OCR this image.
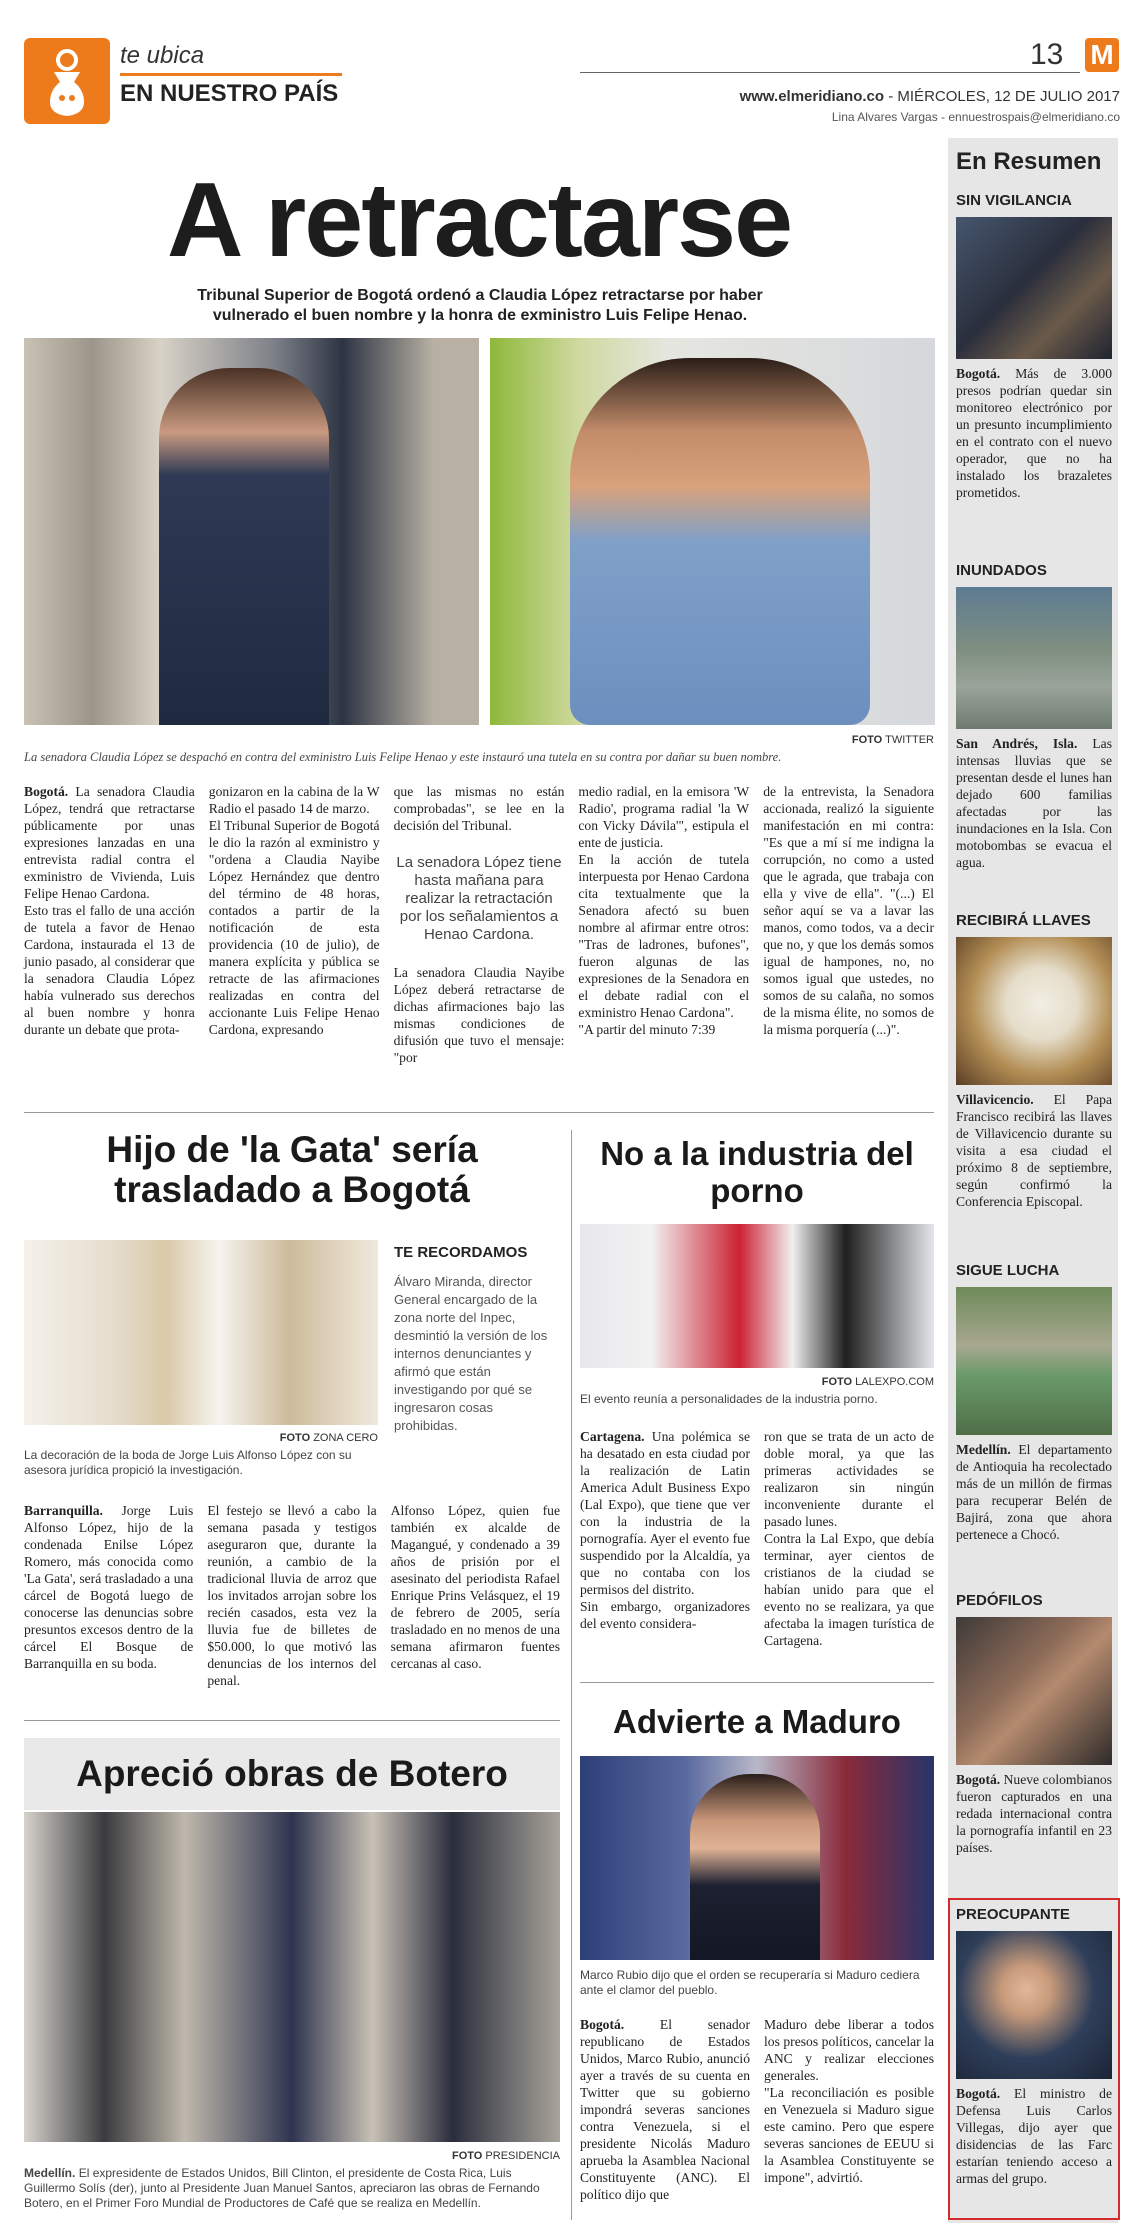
te ubica
EN NUESTRO PAÍS
13 M
www.elmeridiano.co - MIÉRCOLES, 12 DE JULIO 2017
Lina Alvares Vargas - ennuestrospais@elmeridiano.co
En Resumen
SIN VIGILANCIA
Bogotá. Más de 3.000 presos podrían quedar sin monitoreo electrónico por un presunto incumplimiento en el contrato con el nuevo operador, que no ha instalado los brazaletes prometidos.
INUNDADOS
San Andrés, Isla. Las intensas lluvias que se presentan desde el lunes han dejado 600 familias afectadas por las inundaciones en la Isla. Con motobombas se evacua el agua.
RECIBIRÁ LLAVES
Villavicencio. El Papa Francisco recibirá las llaves de Villavicencio durante su visita a esa ciudad el próximo 8 de septiembre, según confirmó la Conferencia Episcopal.
SIGUE LUCHA
Medellín. El departamento de Antioquia ha recolectado más de un millón de firmas para recuperar Belén de Bajirá, zona que ahora pertenece a Chocó.
PEDÓFILOS
Bogotá. Nueve colombianos fueron capturados en una redada internacional contra la pornografía infantil en 23 países.
PREOCUPANTE
Bogotá. El ministro de Defensa Luis Carlos Villegas, dijo ayer que disidencias de las Farc estarían teniendo acceso a armas del grupo.
A retractarse
Tribunal Superior de Bogotá ordenó a Claudia López retractarse por haber vulnerado el buen nombre y la honra de exministro Luis Felipe Henao.
FOTO TWITTER
La senadora Claudia López se despachó en contra del exministro Luis Felipe Henao y este instauró una tutela en su contra por dañar su buen nombre.

Bogotá. La senadora Claudia López, tendrá que retractarse públicamente por unas expresiones lanzadas en una entrevista radial contra el exministro de Vivienda, Luis Felipe Henao Cardona.

Esto tras el fallo de una acción de tutela a favor de Henao Cardona, instaurada el 13 de junio pasado, al considerar que la senadora Claudia López había vulnerado sus derechos al buen nombre y honra durante un debate que prota-

gonizaron en la cabina de la W Radio el pasado 14 de marzo.

El Tribunal Superior de Bogotá le dio la razón al exministro y "ordena a Claudia Nayibe López Hernández que dentro del término de 48 horas, contados a partir de la notificación de esta providencia (10 de julio), de manera explícita y pública se retracte de las afirmaciones realizadas en contra del accionante Luis Felipe Henao Cardona, expresando

que las mismas no están comprobadas", se lee en la decisión del Tribunal.

La senadora López tiene hasta mañana para realizar la retractación por los señalamientos a Henao Cardona.

La senadora Claudia Nayibe López deberá retractarse de dichas afirmaciones bajo las mismas condiciones de difusión que tuvo el mensaje: "por

medio radial, en la emisora 'W Radio', programa radial 'la W con Vicky Dávila'", estipula el ente de justicia.

En la acción de tutela interpuesta por Henao Cardona cita textualmente que la Senadora afectó su buen nombre al afirmar entre otros: "Tras de ladrones, bufones", fueron algunas de las expresiones de la Senadora en el debate radial con el exministro Henao Cardona".

"A partir del minuto 7:39

de la entrevista, la Senadora accionada, realizó la siguiente manifestación en mi contra: "Es que a mí sí me indigna la corrupción, no como a usted que le agrada, que trabaja con ella y vive de ella". "(...) El señor aquí se va a lavar las manos, como todos, va a decir que no, y que los demás somos igual de hampones, no, no somos igual que ustedes, no somos de su calaña, no somos de la misma élite, no somos de la misma porquería (...)".

Hijo de 'la Gata' sería trasladado a Bogotá
FOTO ZONA CERO
La decoración de la boda de Jorge Luis Alfonso López con su asesora jurídica propició la investigación.
TE RECORDAMOS
Álvaro Miranda, director General encargado de la zona norte del Inpec, desmintió la versión de los internos denunciantes y afirmó que están investigando por qué se ingresaron cosas prohibidas.

Barranquilla. Jorge Luis Alfonso López, hijo de la condenada Enilse López Romero, más conocida como 'La Gata', será trasladado a una cárcel de Bogotá luego de conocerse las denuncias sobre presuntos excesos dentro de la cárcel El Bosque de Barranquilla en su boda.

El festejo se llevó a cabo la semana pasada y testigos aseguraron que, durante la reunión, a cambio de la tradicional lluvia de arroz que los invitados arrojan sobre los recién casados, esta vez la lluvia fue de billetes de $50.000, lo que motivó las denuncias de los internos del penal.

Alfonso López, quien fue también ex alcalde de Magangué, y condenado a 39 años de prisión por el asesinato del periodista Rafael Enrique Prins Velásquez, el 19 de febrero de 2005, sería trasladado en no menos de una semana afirmaron fuentes cercanas al caso.

Apreció obras de Botero
FOTO PRESIDENCIA
Medellín. El expresidente de Estados Unidos, Bill Clinton, el presidente de Costa Rica, Luis Guillermo Solís (der), junto al Presidente Juan Manuel Santos, apreciaron las obras de Fernando Botero, en el Primer Foro Mundial de Productores de Café que se realiza en Medellín.
No a la industria del porno
FOTO LALEXPO.COM
El evento reunía a personalidades de la industria porno.

Cartagena. Una polémica se ha desatado en esta ciudad por la realización de Latin America Adult Business Expo (Lal Expo), que tiene que ver con la industria de la pornografía. Ayer el evento fue suspendido por la Alcaldía, ya que no contaba con los permisos del distrito.

Sin embargo, organizadores del evento considera-

ron que se trata de un acto de doble moral, ya que las primeras actividades se realizaron sin ningún inconveniente durante el pasado lunes.

Contra la Lal Expo, que debía terminar, ayer cientos de cristianos de la ciudad se habían unido para que el evento no se realizara, ya que afectaba la imagen turística de Cartagena.

Advierte a Maduro
Marco Rubio dijo que el orden se recuperaría si Maduro cediera ante el clamor del pueblo.

Bogotá.	El senador republicano de Estados Unidos, Marco Rubio, anunció ayer a través de su cuenta en Twitter que su gobierno impondrá severas sanciones contra Venezuela, si el presidente Nicolás Maduro aprueba la Asamblea Nacional Constituyente (ANC). El político dijo que

Maduro debe liberar a todos los presos políticos, cancelar la ANC y realizar elecciones generales.

"La reconciliación es posible en Venezuela si Maduro sigue este camino. Pero que espere severas sanciones de EEUU si la Asamblea Constituyente se impone", advirtió.
